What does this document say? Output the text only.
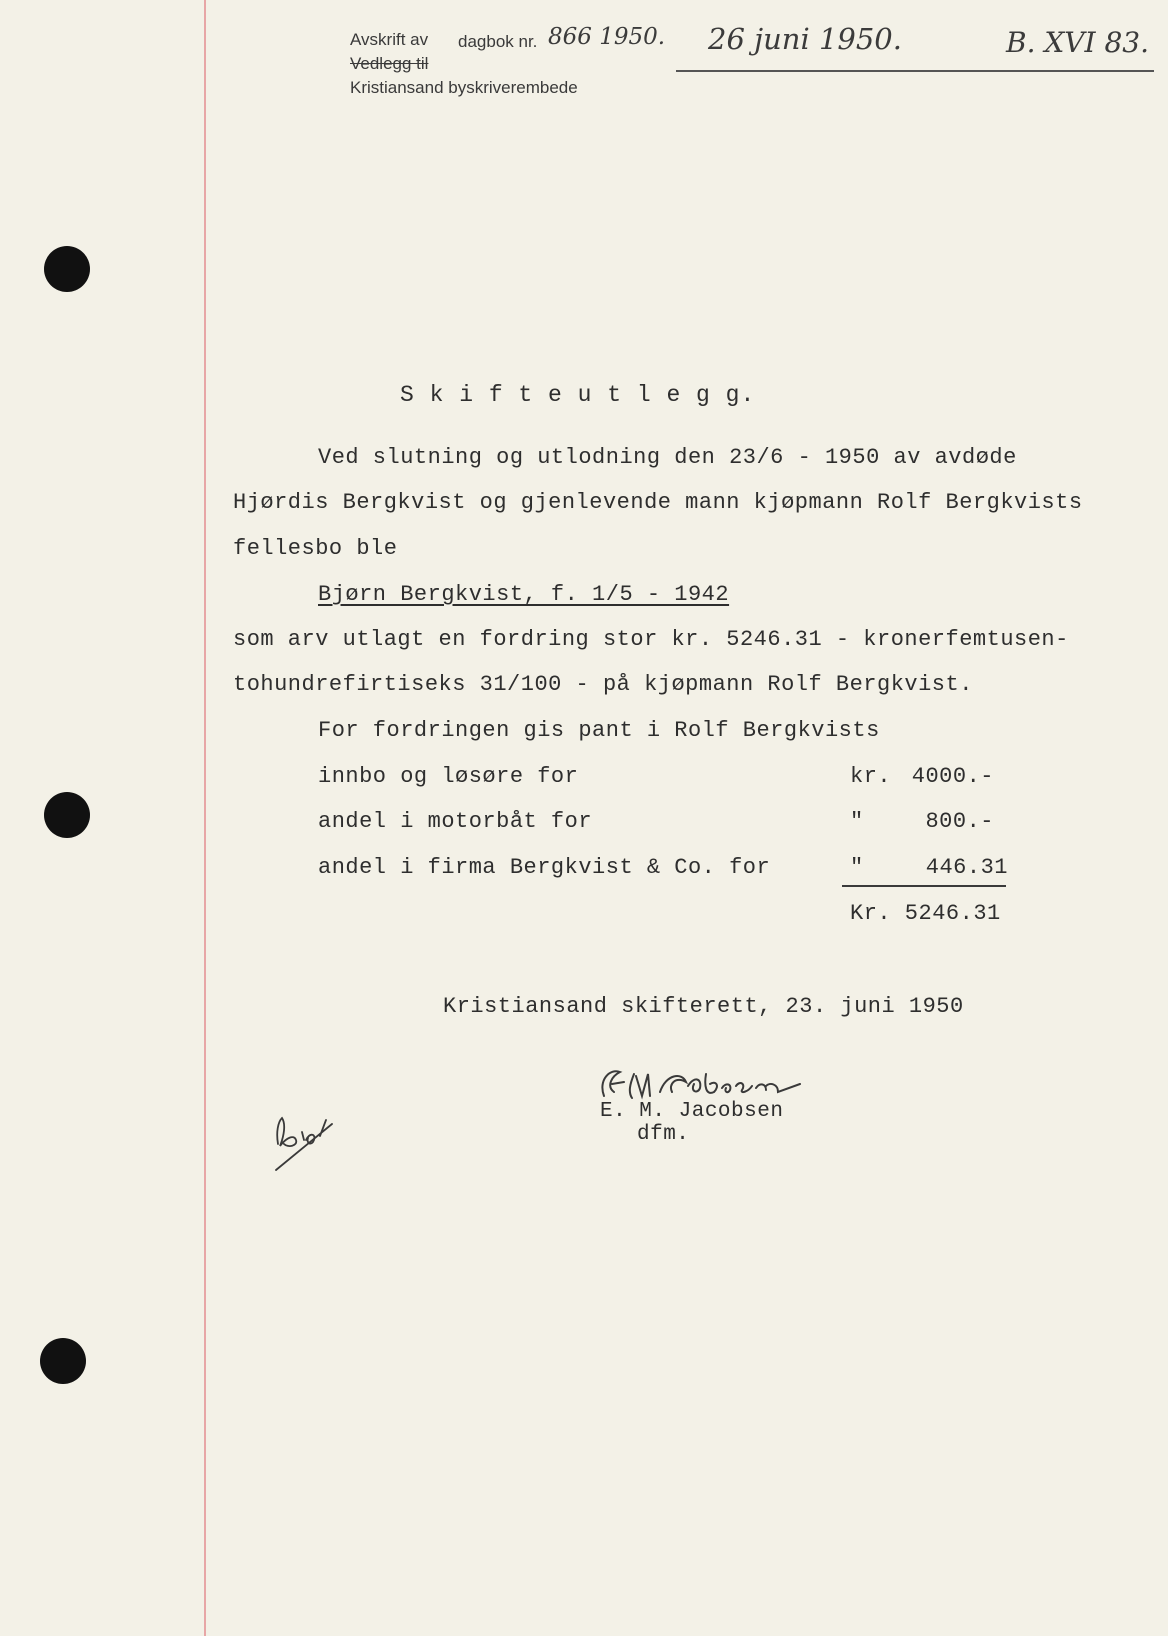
Avskrift av dagbok nr. 866 1950. 26 juni 1950.	B. XVI 83.
Vedlegg til
Kristiansand byskriverembede
S k i f t e u t l e g g.
Ved slutning og utlodning den 23/6 - 1950 av avdøde
Hjørdis Bergkvist og gjenlevende mann kjøpmann Rolf Bergkvists
fellesbo ble
Bjørn Bergkvist, f. 1/5 - 1942
som arv utlagt en fordring stor kr. 5246.31 - kronerfemtusen-
tohundrefirtiseks 31/100 - på kjøpmann Rolf Bergkvist.
For fordringen gis pant i Rolf Bergkvists
innbo og løsøre for	kr. 4000.-
andel i motorbåt for	"	800.-
andel i firma Bergkvist & Co. for	"	446.31
Kr. 5246.31
Kristiansand skifterett, 23. juni 1950
E. M. Jacobsen
dfm.
